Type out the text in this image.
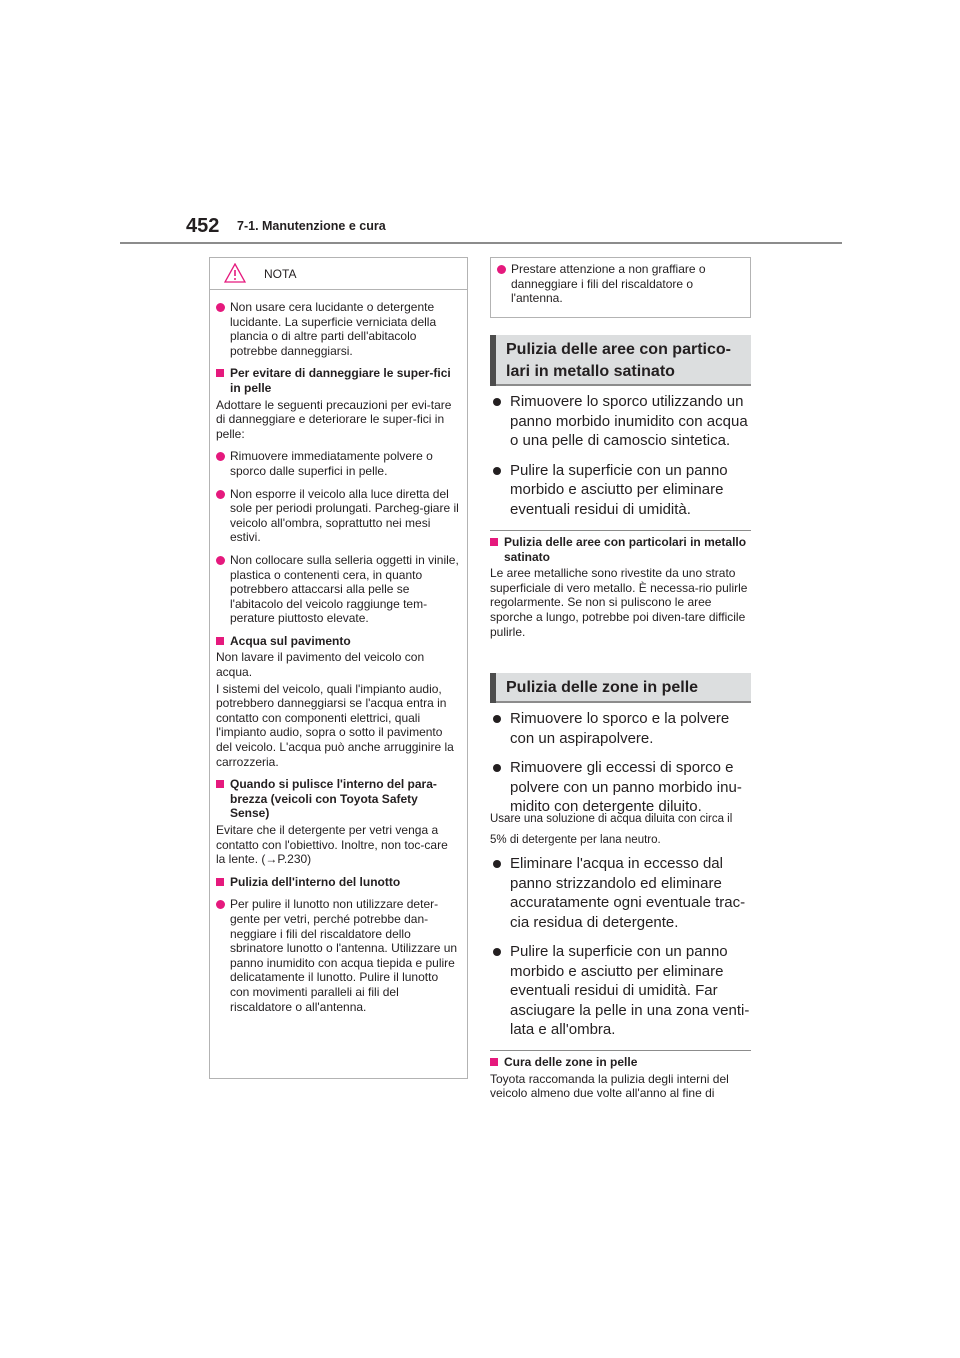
452 7-1. Manutenzione e cura
NOTA
Non usare cera lucidante o detergente lucidante. La superficie verniciata della plancia o di altre parti dell'abitacolo potrebbe danneggiarsi.
Per evitare di danneggiare le super-fici in pelle
Adottare le seguenti precauzioni per evi-tare di danneggiare e deteriorare le super-fici in pelle:
Rimuovere immediatamente polvere o sporco dalle superfici in pelle.
Non esporre il veicolo alla luce diretta del sole per periodi prolungati. Parcheg-giare il veicolo all'ombra, soprattutto nei mesi estivi.
Non collocare sulla selleria oggetti in vinile, plastica o contenenti cera, in quanto potrebbero attaccarsi alla pelle se l'abitacolo del veicolo raggiunge tem-perature piuttosto elevate.
Acqua sul pavimento
Non lavare il pavimento del veicolo con acqua.
I sistemi del veicolo, quali l'impianto audio, potrebbero danneggiarsi se l'acqua entra in contatto con componenti elettrici, quali l'impianto audio, sopra o sotto il pavimento del veicolo. L'acqua può anche arrugginire la carrozzeria.
Quando si pulisce l'interno del para-brezza (veicoli con Toyota Safety Sense)
Evitare che il detergente per vetri venga a contatto con l'obiettivo. Inoltre, non toc-care la lente. (→P.230)
Pulizia dell'interno del lunotto
Per pulire il lunotto non utilizzare deter-gente per vetri, perché potrebbe dan-neggiare i fili del riscaldatore dello sbrinatore lunotto o l'antenna. Utilizzare un panno inumidito con acqua tiepida e pulire delicatamente il lunotto. Pulire il lunotto con movimenti paralleli ai fili del riscaldatore o all'antenna.
Prestare attenzione a non graffiare o danneggiare i fili del riscaldatore o l'antenna.
Pulizia delle aree con partico-lari in metallo satinato
Rimuovere lo sporco utilizzando un panno morbido inumidito con acqua o una pelle di camoscio sintetica.
Pulire la superficie con un panno morbido e asciutto per eliminare eventuali residui di umidità.
Pulizia delle aree con particolari in metallo satinato
Le aree metalliche sono rivestite da uno strato superficiale di vero metallo. È necessa-rio pulirle regolarmente. Se non si puliscono le aree sporche a lungo, potrebbe poi diven-tare difficile pulirle.
Pulizia delle zone in pelle
Rimuovere lo sporco e la polvere con un aspirapolvere.
Rimuovere gli eccessi di sporco e polvere con un panno morbido inu-midito con detergente diluito.
Usare una soluzione di acqua diluita con circa il 5% di detergente per lana neutro.
Eliminare l'acqua in eccesso dal panno strizzandolo ed eliminare accuratamente ogni eventuale trac-cia residua di detergente.
Pulire la superficie con un panno morbido e asciutto per eliminare eventuali residui di umidità. Far asciugare la pelle in una zona venti-lata e all'ombra.
Cura delle zone in pelle
Toyota raccomanda la pulizia degli interni del veicolo almeno due volte all'anno al fine di
